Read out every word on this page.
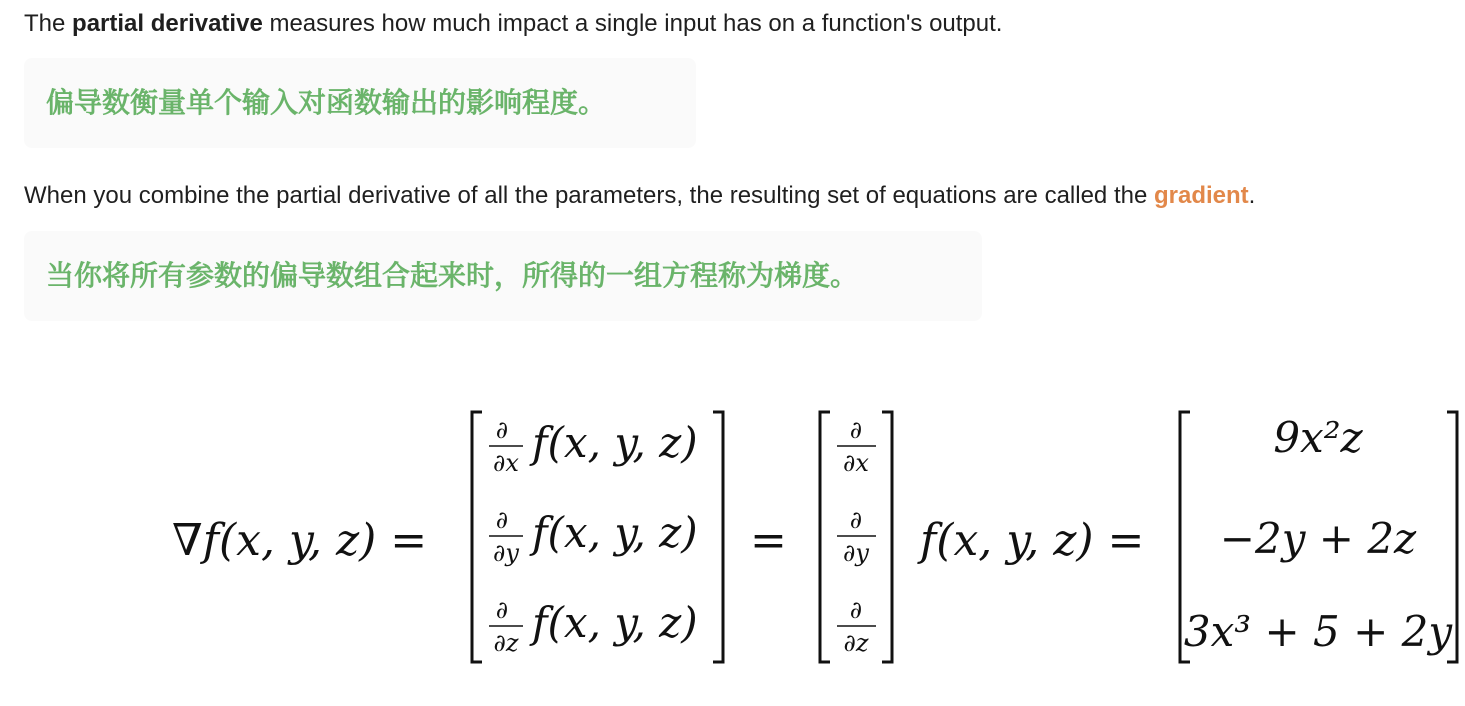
The partial derivative measures how much impact a single input has on a function's output.

偏导数衡量单个输入对函数输出的影响程度。

When you combine the partial derivative of all the parameters, the resulting set of equations are called the gradient.

当你将所有参数的偏导数组合起来时，所得的一组方程称为梯度。
∇f(x, y, z) =
∂
∂x f(x, y, z)
∂
∂y f(x, y, z)
∂
∂z f(x, y, z)
=
∂
∂x
∂
∂y
∂
∂z
f(x, y, z) =
9x²z
−2y + 2z
3x³ + 5 + 2y
